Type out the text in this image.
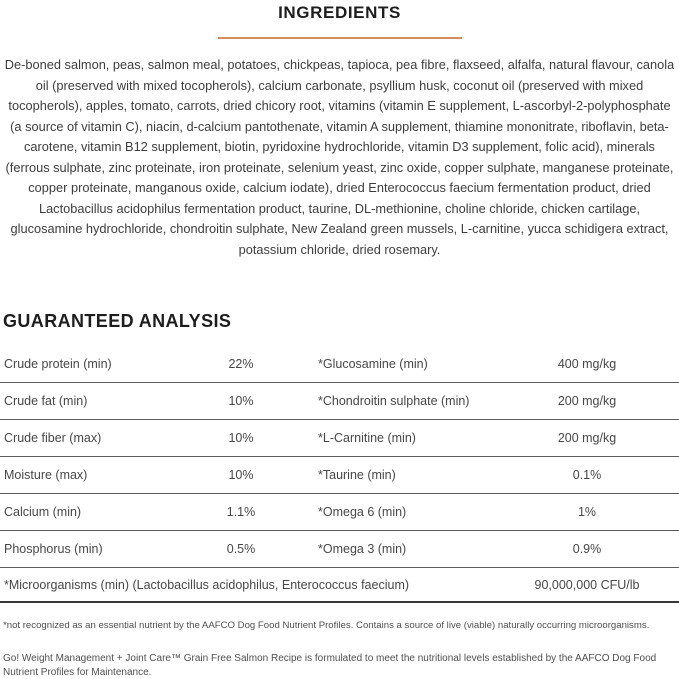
INGREDIENTS

De-boned salmon, peas, salmon meal, potatoes, chickpeas, tapioca, pea fibre, flaxseed, alfalfa, natural flavour, canola oil (preserved with mixed tocopherols), calcium carbonate, psyllium husk, coconut oil (preserved with mixed tocopherols), apples, tomato, carrots, dried chicory root, vitamins (vitamin E supplement, L-ascorbyl-2-polyphosphate (a source of vitamin C), niacin, d-calcium pantothenate, vitamin A supplement, thiamine mononitrate, riboflavin, beta-carotene, vitamin B12 supplement, biotin, pyridoxine hydrochloride, vitamin D3 supplement, folic acid), minerals (ferrous sulphate, zinc proteinate, iron proteinate, selenium yeast, zinc oxide, copper sulphate, manganese proteinate, copper proteinate, manganous oxide, calcium iodate), dried Enterococcus faecium fermentation product, dried Lactobacillus acidophilus fermentation product, taurine, DL-methionine, choline chloride, chicken cartilage, glucosamine hydrochloride, chondroitin sulphate, New Zealand green mussels, L-carnitine, yucca schidigera extract, potassium chloride, dried rosemary.

GUARANTEED ANALYSIS
Crude protein (min)	22%	*Glucosamine (min)	400 mg/kg
Crude fat (min)	10%	*Chondroitin sulphate (min)	200 mg/kg
Crude fiber (max)	10%	*L-Carnitine (min)	200 mg/kg
Moisture (max)	10%	*Taurine (min)	0.1%
Calcium (min)	1.1%	*Omega 6 (min)	1%
Phosphorus (min)	0.5%	*Omega 3 (min)	0.9%
*Microorganisms (min) (Lactobacillus acidophilus, Enterococcus faecium)	90,000,000 CFU/lb

*not recognized as an essential nutrient by the AAFCO Dog Food Nutrient Profiles. Contains a source of live (viable) naturally occurring microorganisms.

Go! Weight Management + Joint Care™ Grain Free Salmon Recipe is formulated to meet the nutritional levels established by the AAFCO Dog Food Nutrient Profiles for Maintenance.
